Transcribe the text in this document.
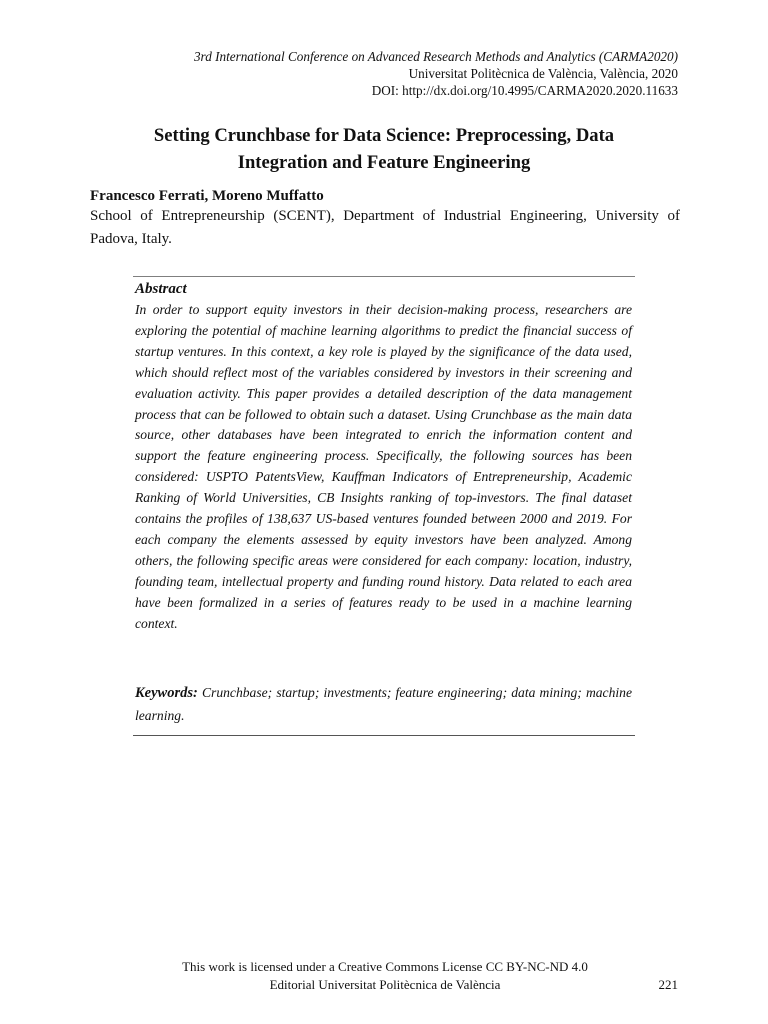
3rd International Conference on Advanced Research Methods and Analytics (CARMA2020)
Universitat Politècnica de València, València, 2020
DOI: http://dx.doi.org/10.4995/CARMA2020.2020.11633
Setting Crunchbase for Data Science: Preprocessing, Data
Integration and Feature Engineering
Francesco Ferrati, Moreno Muffatto
School of Entrepreneurship (SCENT), Department of Industrial Engineering, University of Padova, Italy.
Abstract
In order to support equity investors in their decision-making process, researchers are exploring the potential of machine learning algorithms to predict the financial success of startup ventures. In this context, a key role is played by the significance of the data used, which should reflect most of the variables considered by investors in their screening and evaluation activity. This paper provides a detailed description of the data management process that can be followed to obtain such a dataset. Using Crunchbase as the main data source, other databases have been integrated to enrich the information content and support the feature engineering process. Specifically, the following sources has been considered: USPTO PatentsView, Kauffman Indicators of Entrepreneurship, Academic Ranking of World Universities, CB Insights ranking of top-investors. The final dataset contains the profiles of 138,637 US-based ventures founded between 2000 and 2019. For each company the elements assessed by equity investors have been analyzed. Among others, the following specific areas were considered for each company: location, industry, founding team, intellectual property and funding round history. Data related to each area have been formalized in a series of features ready to be used in a machine learning context.
Keywords: Crunchbase; startup; investments; feature engineering; data mining; machine learning.
This work is licensed under a Creative Commons License CC BY-NC-ND 4.0
Editorial Universitat Politècnica de València	221
